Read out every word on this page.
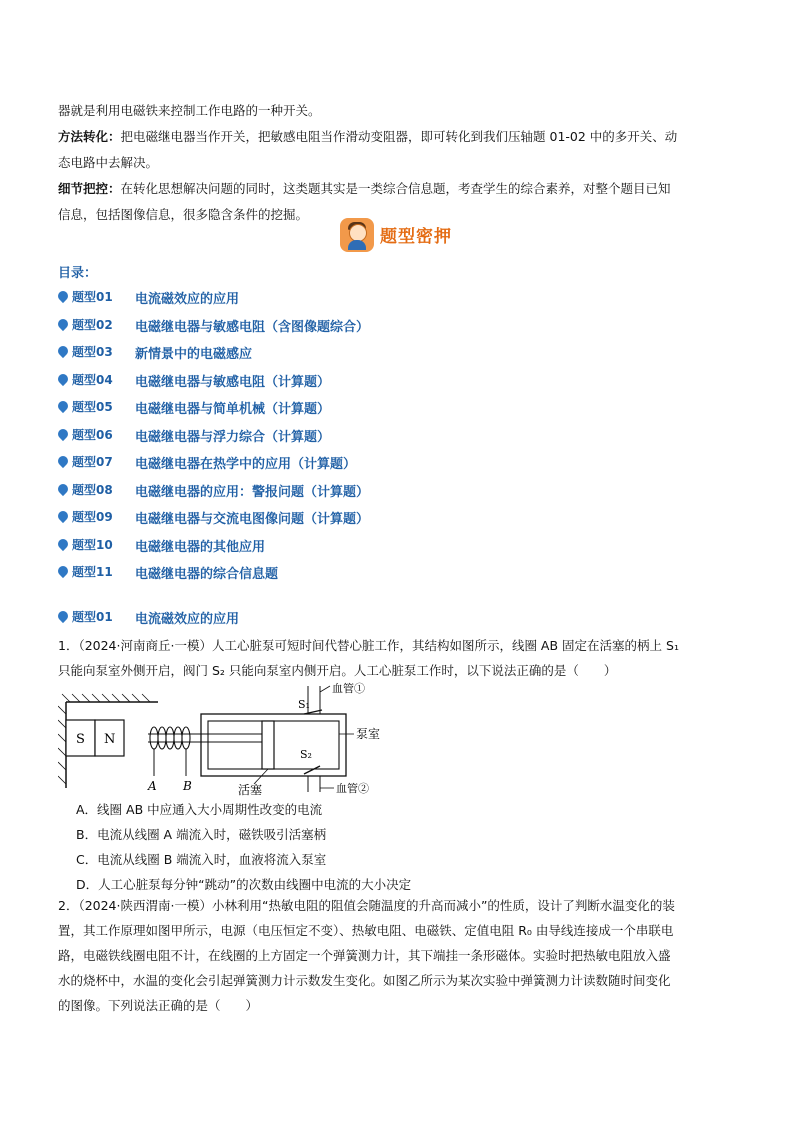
器就是利用电磁铁来控制工作电路的一种开关。
方法转化：把电磁继电器当作开关，把敏感电阻当作滑动变阻器，即可转化到我们压轴题 01-02 中的多开关、动
态电路中去解决。
细节把控：在转化思想解决问题的同时，这类题其实是一类综合信息题，考查学生的综合素养，对整个题目已知
信息，包括图像信息，很多隐含条件的挖掘。
题型密押
目录：
题型01	电流磁效应的应用
题型02	电磁继电器与敏感电阻（含图像题综合）
题型03	新情景中的电磁感应
题型04	电磁继电器与敏感电阻（计算题）
题型05	电磁继电器与简单机械（计算题）
题型06	电磁继电器与浮力综合（计算题）
题型07	电磁继电器在热学中的应用（计算题）
题型08	电磁继电器的应用：警报问题（计算题）
题型09	电磁继电器与交流电图像问题（计算题）
题型10	电磁继电器的其他应用
题型11	电磁继电器的综合信息题
题型01	电流磁效应的应用
1．（2024·河南商丘·一模）人工心脏泵可短时间代替心脏工作，其结构如图所示，线圈 AB 固定在活塞的柄上 S₁
只能向泵室外侧开启，阀门 S₂ 只能向泵室内侧开启。人工心脏泵工作时，以下说法正确的是（　　）
S N
A B	活塞
S₁
血管①
S₂
血管②
泵室
A．线圈 AB 中应通入大小周期性改变的电流
B．电流从线圈 A 端流入时，磁铁吸引活塞柄
C．电流从线圈 B 端流入时，血液将流入泵室
D．人工心脏泵每分钟“跳动”的次数由线圈中电流的大小决定
2．（2024·陕西渭南·一模）小林利用“热敏电阻的阻值会随温度的升高而减小”的性质，设计了判断水温变化的装
置，其工作原理如图甲所示，电源（电压恒定不变）、热敏电阻、电磁铁、定值电阻 R₀ 由导线连接成一个串联电
路，电磁铁线圈电阻不计，在线圈的上方固定一个弹簧测力计，其下端挂一条形磁体。实验时把热敏电阻放入盛
水的烧杯中，水温的变化会引起弹簧测力计示数发生变化。如图乙所示为某次实验中弹簧测力计读数随时间变化
的图像。下列说法正确的是（　　）
